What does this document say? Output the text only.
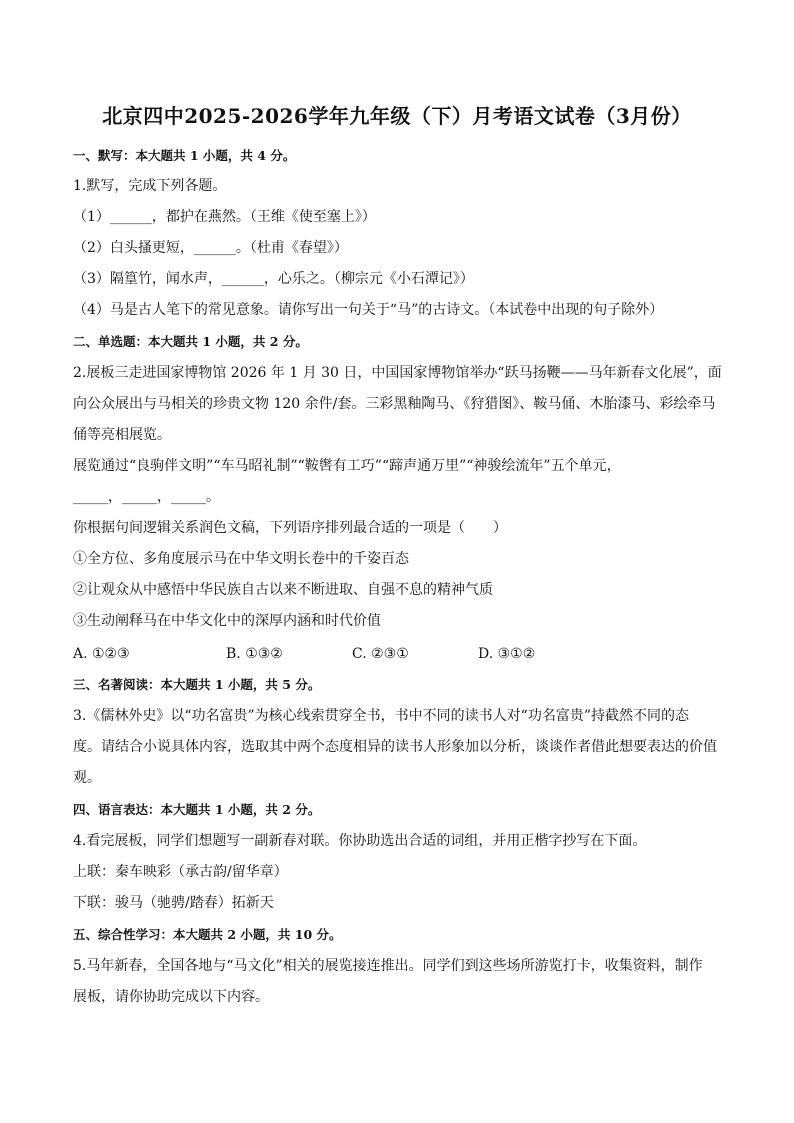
北京四中2025-2026学年九年级（下）月考语文试卷（3月份）
一、默写：本大题共 1 小题，共 4 分。
1.默写，完成下列各题。
（1）______，都护在燕然。（王维《使至塞上》）
（2）白头搔更短，______。（杜甫《春望》）
（3）隔篁竹，闻水声，______，心乐之。（柳宗元《小石潭记》）
（4）马是古人笔下的常见意象。请你写出一句关于“马”的古诗文。（本试卷中出现的句子除外）
二、单选题：本大题共 1 小题，共 2 分。
2.展板三走进国家博物馆 2026 年 1 月 30 日，中国国家博物馆举办“跃马扬鞭——马年新春文化展”，面
向公众展出与马相关的珍贵文物 120 余件/套。三彩黑釉陶马、《狩猎图》、鞍马俑、木胎漆马、彩绘牵马
俑等亮相展览。
展览通过“良驹伴文明”“车马昭礼制”“鞍辔有工巧”“蹄声通万里”“神骏绘流年”五个单元，
_____，_____，_____。
你根据句间逻辑关系润色文稿，下列语序排列最合适的一项是（　　）
①全方位、多角度展示马在中华文明长卷中的千姿百态
②让观众从中感悟中华民族自古以来不断进取、自强不息的精神气质
③生动阐释马在中华文化中的深厚内涵和时代价值
A. ①②③	B. ①③②	C. ②③①	D. ③①②
三、名著阅读：本大题共 1 小题，共 5 分。
3.《儒林外史》以“功名富贵”为核心线索贯穿全书，书中不同的读书人对“功名富贵”持截然不同的态
度。请结合小说具体内容，选取其中两个态度相异的读书人形象加以分析，谈谈作者借此想要表达的价值
观。
四、语言表达：本大题共 1 小题，共 2 分。
4.看完展板，同学们想题写一副新春对联。你协助选出合适的词组，并用正楷字抄写在下面。
上联：秦车映彩（承古韵/留华章）
下联：骏马（驰骋/踏春）拓新天
五、综合性学习：本大题共 2 小题，共 10 分。
5.马年新春，全国各地与“马文化”相关的展览接连推出。同学们到这些场所游览打卡，收集资料，制作
展板，请你协助完成以下内容。
